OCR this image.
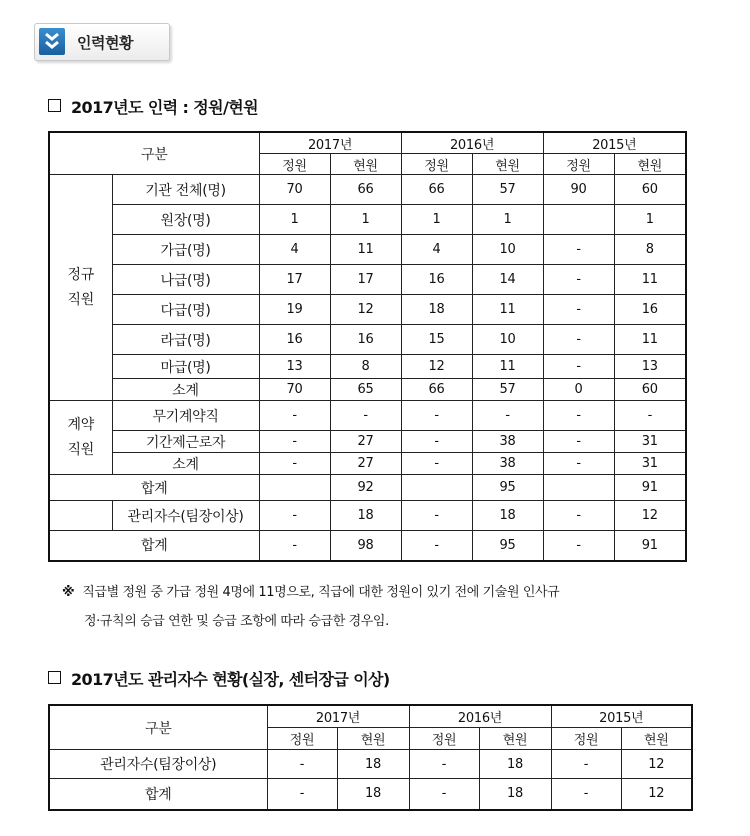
인력현황
2017년도 인력 : 정원/현원
구분		2017년		2016년		2015년	
		정원	현원	정원	현원	정원	현원

정규
직원	기관 전체(명)	70	66	66	57	90	60
	원장(명)	1	1	1	1		1
	가급(명)	4	11	4	10	-	8
	나급(명)	17	17	16	14	-	11
	다급(명)	19	12	18	11	-	16
	라급(명)	16	16	15	10	-	11
	마급(명)	13	8	12	11	-	13
	소계	70	65	66	57	0	60

계약
직원	무기계약직	-	-	-	-	-	-
	기간제근로자	-	27	-	38	-	31
	소계	-	27	-	38	-	31
합계			92		95		91
	관리자수(팀장이상)	-	18	-	18	-	12
합계		-	98	-	95	-	91
※ 직급별 정원 중 가급 정원 4명에 11명으로, 직급에 대한 정원이 있기 전에 기술원 인사규
정·규칙의 승급 연한 및 승급 조항에 따라 승급한 경우임.
2017년도 관리자수 현황(실장, 센터장급 이상)
구분	2017년		2016년		2015년	
	정원	현원	정원	현원	정원	현원
관리자수(팀장이상)	-	18	-	18	-	12
합계	-	18	-	18	-	12
